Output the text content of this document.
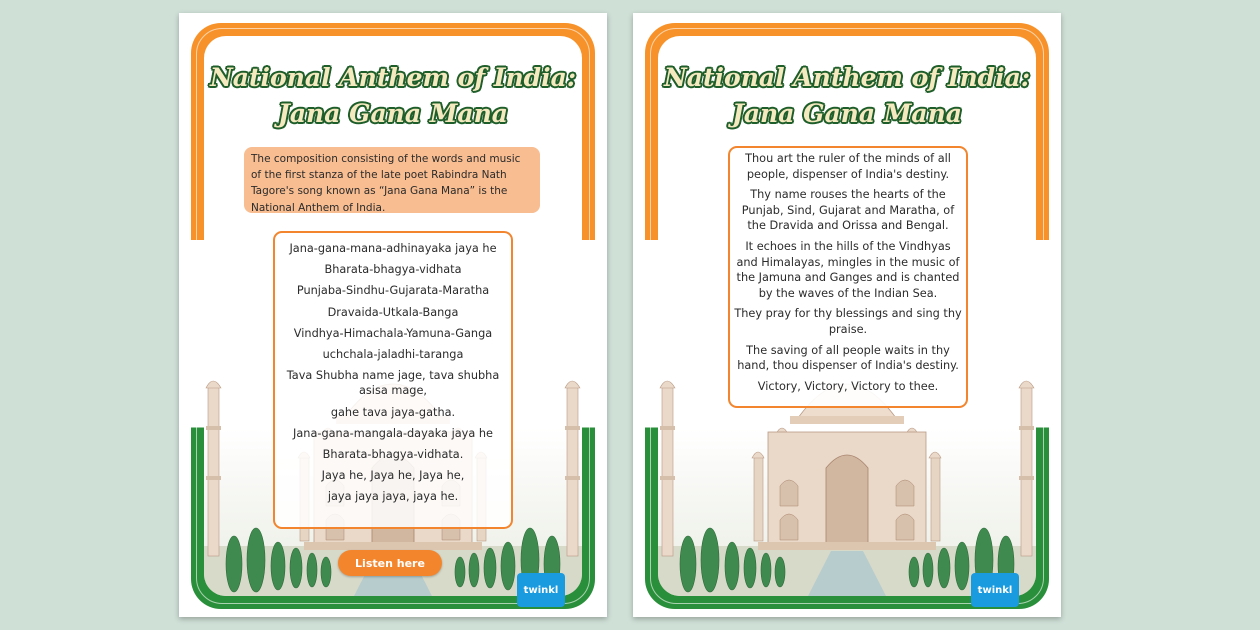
National Anthem of India:
Jana Gana Mana
The composition consisting of the words and music of the first stanza of the late poet Rabindra Nath Tagore's song known as “Jana Gana Mana” is the National Anthem of India.

Jana-gana-mana-adhinayaka jaya he

Bharata-bhagya-vidhata

Punjaba-Sindhu-Gujarata-Maratha

Dravaida-Utkala-Banga

Vindhya-Himachala-Yamuna-Ganga

uchchala-jaladhi-taranga

Tava Shubha name jage, tava shubha asisa mage,

gahe tava jaya-gatha.

Jana-gana-mangala-dayaka jaya he

Bharata-bhagya-vidhata.

Jaya he, Jaya he, Jaya he,

jaya jaya jaya, jaya he.

Listen here
twinkl
National Anthem of India:
Jana Gana Mana

Thou art the ruler of the minds of all people, dispenser of India's destiny.

Thy name rouses the hearts of the Punjab, Sind, Gujarat and Maratha, of the Dravida and Orissa and Bengal.

It echoes in the hills of the Vindhyas and Himalayas, mingles in the music of the Jamuna and Ganges and is chanted by the waves of the Indian Sea.

They pray for thy blessings and sing thy praise.

The saving of all people waits in thy hand, thou dispenser of India's destiny.

Victory, Victory, Victory to thee.

twinkl
